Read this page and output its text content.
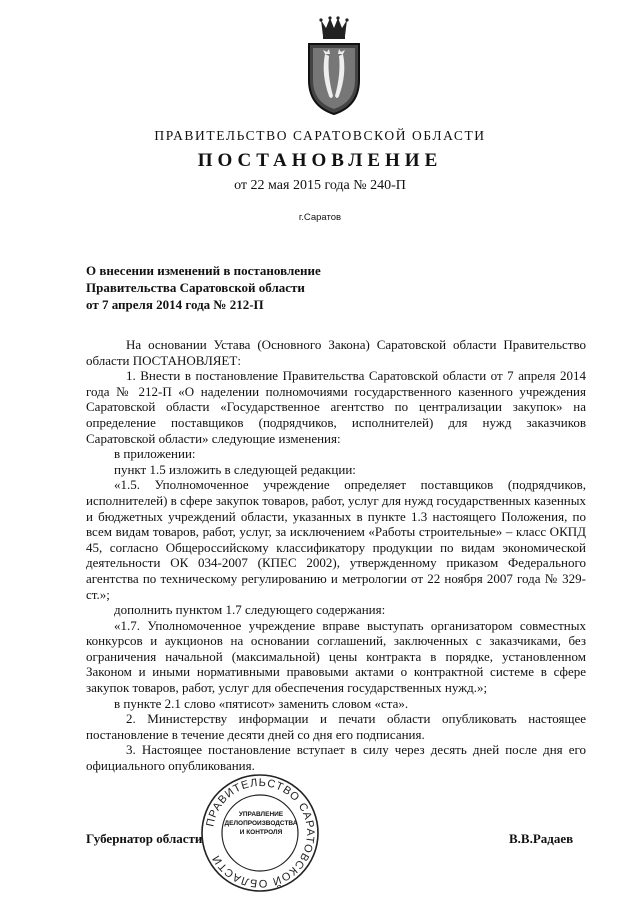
ПРАВИТЕЛЬСТВО САРАТОВСКОЙ ОБЛАСТИ
ПОСТАНОВЛЕНИЕ
от 22 мая 2015 года № 240-П
г.Саратов
О внесении изменений в постановление
Правительства Саратовской области
от 7 апреля 2014 года № 212-П

На основании Устава (Основного Закона) Саратовской области Правительство области ПОСТАНОВЛЯЕТ:

1. Внести в постановление Правительства Саратовской области от 7 апреля 2014 года № 212-П «О наделении полномочиями государственного казенного учреждения Саратовской области «Государственное агентство по централизации закупок» на определение поставщиков (подрядчиков, исполнителей) для нужд заказчиков Саратовской области» следующие изменения:

в приложении:

пункт 1.5 изложить в следующей редакции:

«1.5. Уполномоченное учреждение определяет поставщиков (подрядчиков, исполнителей) в сфере закупок товаров, работ, услуг для нужд государственных казенных и бюджетных учреждений области, указанных в пункте 1.3 настоящего Положения, по всем видам товаров, работ, услуг, за исключением «Работы строительные» – класс ОКПД 45, согласно Общероссийскому классификатору продукции по видам экономической деятельности ОК 034-2007 (КПЕС 2002), утвержденному приказом Федерального агентства по техническому регулированию и метрологии от 22 ноября 2007 года № 329-ст.»;

дополнить пунктом 1.7 следующего содержания:

«1.7. Уполномоченное учреждение вправе выступать организатором совместных конкурсов и аукционов на основании соглашений, заключенных с заказчиками, без ограничения начальной (максимальной) цены контракта в порядке, установленном Законом и иными нормативными правовыми актами о контрактной системе в сфере закупок товаров, работ, услуг для обеспечения государственных нужд.»;

в пункте 2.1 слово «пятисот» заменить словом «ста».

2. Министерству информации и печати области опубликовать настоящее постановление в течение десяти дней со дня его подписания.

3. Настоящее постановление вступает в силу через десять дней после дня его официального опубликования.

Губернатор области	В.В.Радаев
ПРАВИТЕЛЬСТВО САРАТОВСКОЙ ОБЛАСТИ
УПРАВЛЕНИЕ
ДЕЛОПРОИЗВОДСТВА
И КОНТРОЛЯ
